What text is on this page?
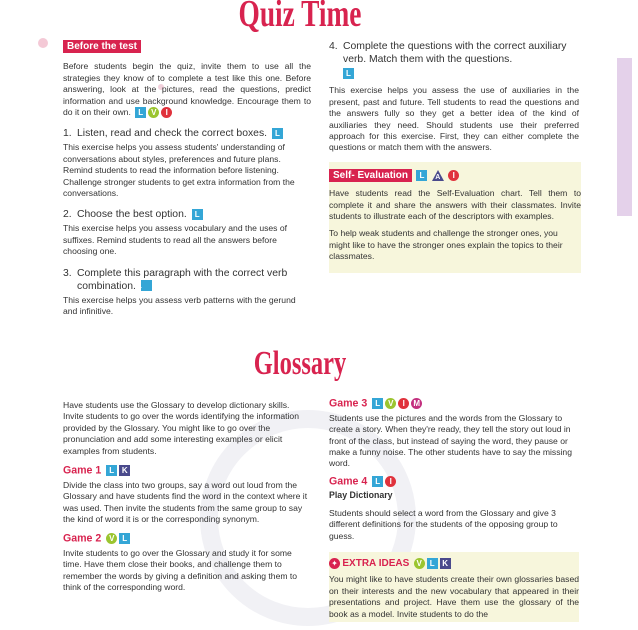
Quiz Time
Before the test

Before students begin the quiz, invite them to use all the strategies they know of to complete a test like this one. Before answering, look at the pictures, read the questions, predict information and use background knowledge. Encourage them to do it on their own. L V I

1. Listen, read and check the correct boxes. L

This exercise helps you assess students' understanding of conversations about styles, preferences and future plans. Remind students to read the information before listening. Challenge stronger students to get extra information from the conversations.

2. Choose the best option. L

This exercise helps you assess vocabulary and the uses of suffixes. Remind students to read all the answers before choosing one.

3. Complete this paragraph with the correct verb combination. L

This exercise helps you assess verb patterns with the gerund and infinitive.

4. Complete the questions with the correct auxiliary verb. Match them with the questions.
L

This exercise helps you assess the use of auxiliaries in the present, past and future. Tell students to read the questions and the answers fully so they get a better idea of the kind of auxiliaries they need. Should students use their preferred approach for this exercise. First, they can either complete the questions or match them with the answers.

Self- Evaluation L A I

Have students read the Self-Evaluation chart. Tell them to complete it and share the answers with their classmates. Invite students to illustrate each of the descriptors with examples.

To help weak students and challenge the stronger ones, you might like to have the stronger ones explain the topics to their classmates.

Glossary

Have students use the Glossary to develop dictionary skills. Invite students to go over the words identifying the information provided by the Glossary. You might like to go over the pronunciation and add some interesting examples or elicit examples from students.

Game 1 L K

Divide the class into two groups, say a word out loud from the Glossary and have students find the word in the context where it was used. Then invite the students from the same group to say the kind of word it is or the corresponding synonym.

Game 2 V L

Invite students to go over the Glossary and study it for some time. Have them close their books, and challenge them to remember the words by giving a definition and asking them to think of the corresponding word.

Game 3 L V I M

Students use the pictures and the words from the Glossary to create a story. When they're ready, they tell the story out loud in front of the class, but instead of saying the word, they pause or make a funny noise. The other students have to say the missing word.

Game 4 L I
Play Dictionary

Students should select a word from the Glossary and give 3 different definitions for the students of the opposing group to guess.

✦ EXTRA IDEAS V L K

You might like to have students create their own glossaries based on their interests and the new vocabulary that appeared in their presentations and project. Have them use the glossary of the book as a model. Invite students to do the
